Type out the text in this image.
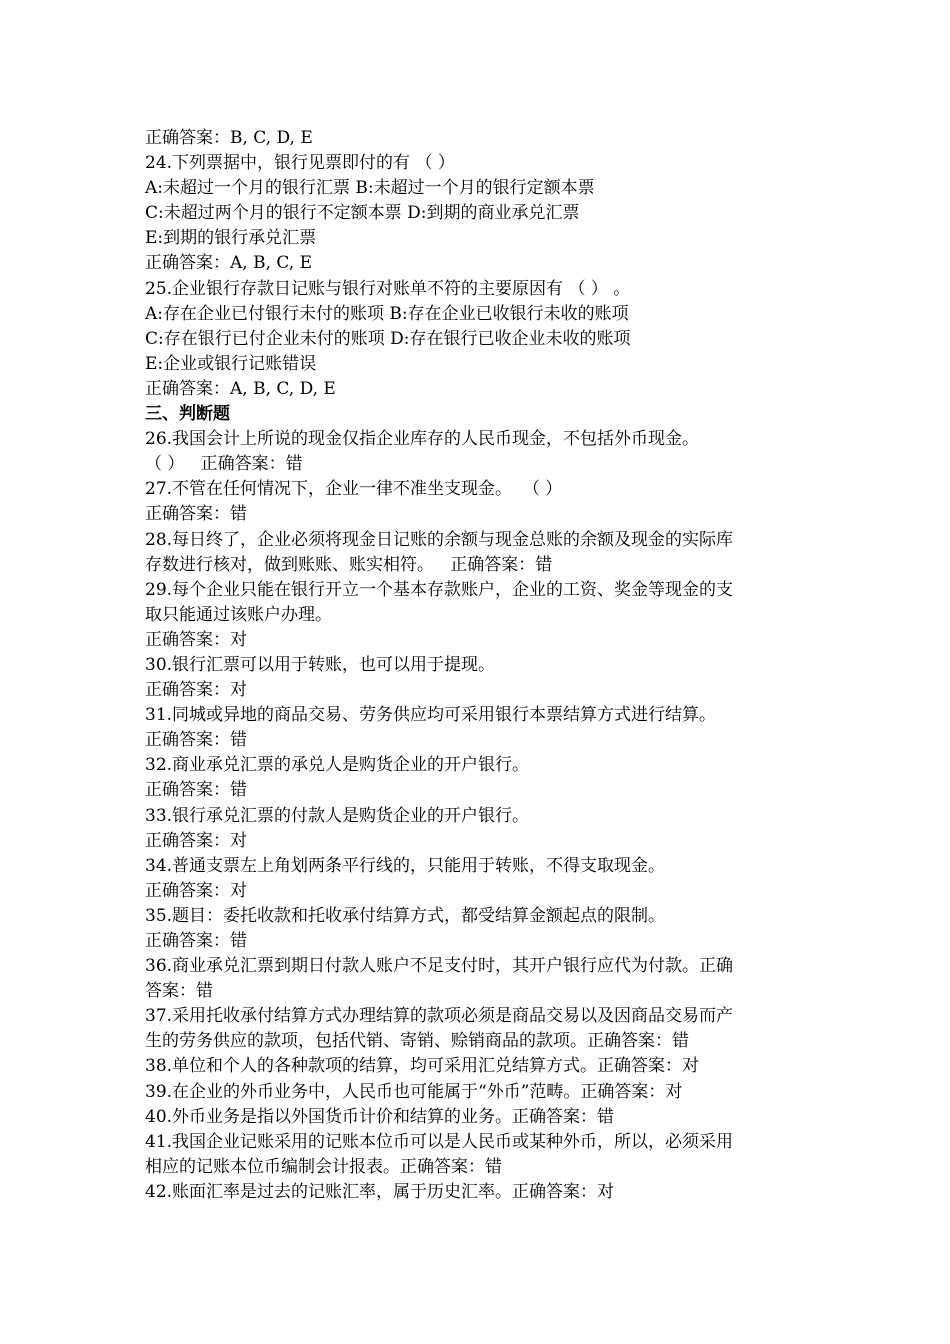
正确答案：B, C, D, E
24.下列票据中，银行见票即付的有 （ ）
A:未超过一个月的银行汇票 B:未超过一个月的银行定额本票
C:未超过两个月的银行不定额本票 D:到期的商业承兑汇票
E:到期的银行承兑汇票
正确答案：A, B, C, E
25.企业银行存款日记账与银行对账单不符的主要原因有 （ ） 。
A:存在企业已付银行未付的账项 B:存在企业已收银行未收的账项
C:存在银行已付企业未付的账项 D:存在银行已收企业未收的账项
E:企业或银行记账错误
正确答案：A, B, C, D, E
三、判断题
26.我国会计上所说的现金仅指企业库存的人民币现金，不包括外币现金。
（ ）   正确答案：错
27.不管在任何情况下，企业一律不准坐支现金。  （ ）
正确答案：错
28.每日终了，企业必须将现金日记账的余额与现金总账的余额及现金的实际库
存数进行核对，做到账账、账实相符。   正确答案：错
29.每个企业只能在银行开立一个基本存款账户，企业的工资、奖金等现金的支
取只能通过该账户办理。
正确答案：对
30.银行汇票可以用于转账，也可以用于提现。
正确答案：对
31.同城或异地的商品交易、劳务供应均可采用银行本票结算方式进行结算。
正确答案：错
32.商业承兑汇票的承兑人是购货企业的开户银行。
正确答案：错
33.银行承兑汇票的付款人是购货企业的开户银行。
正确答案：对
34.普通支票左上角划两条平行线的，只能用于转账，不得支取现金。
正确答案：对
35.题目：委托收款和托收承付结算方式，都受结算金额起点的限制。
正确答案：错
36.商业承兑汇票到期日付款人账户不足支付时，其开户银行应代为付款。正确
答案：错
37.采用托收承付结算方式办理结算的款项必须是商品交易以及因商品交易而产
生的劳务供应的款项，包括代销、寄销、赊销商品的款项。正确答案：错
38.单位和个人的各种款项的结算，均可采用汇兑结算方式。正确答案：对
39.在企业的外币业务中，人民币也可能属于“外币”范畴。正确答案：对
40.外币业务是指以外国货币计价和结算的业务。正确答案：错
41.我国企业记账采用的记账本位币可以是人民币或某种外币，所以，必须采用
相应的记账本位币编制会计报表。正确答案：错
42.账面汇率是过去的记账汇率，属于历史汇率。正确答案：对
